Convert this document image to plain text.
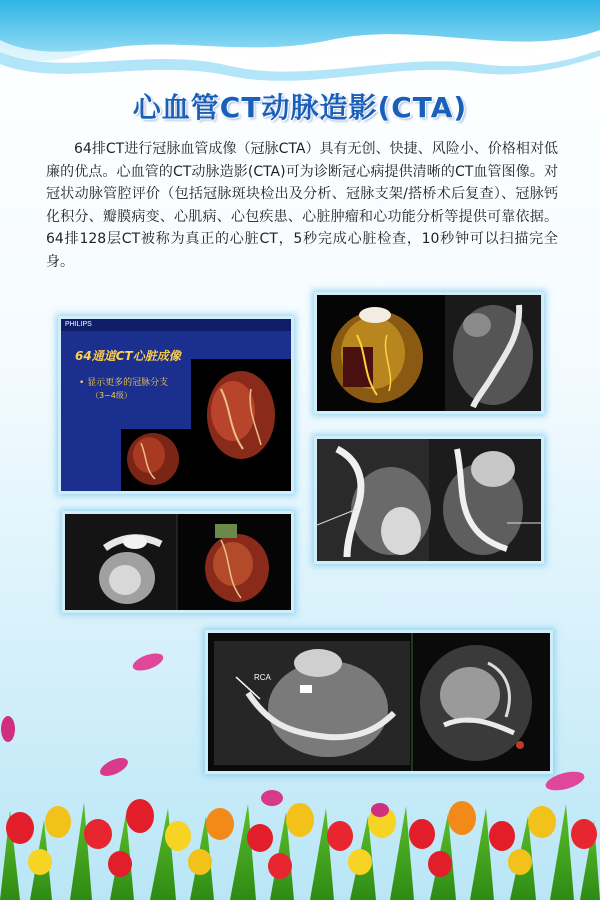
心血管CT动脉造影(CTA)

64排CT进行冠脉血管成像（冠脉CTA）具有无创、快捷、风险小、价格相对低廉的优点。心血管的CT动脉造影(CTA)可为诊断冠心病提供清晰的CT血管图像。对冠状动脉管腔评价（包括冠脉斑块检出及分析、冠脉支架/搭桥术后复查）、冠脉钙化积分、瓣膜病变、心肌病、心包疾患、心脏肿瘤和心功能分析等提供可靠依据。64排128层CT被称为真正的心脏CT，5秒完成心脏检查，10秒钟可以扫描完全身。

PHILIPS
64通道CT心脏成像
• 显示更多的冠脉分支
（3~4级）
RCA
